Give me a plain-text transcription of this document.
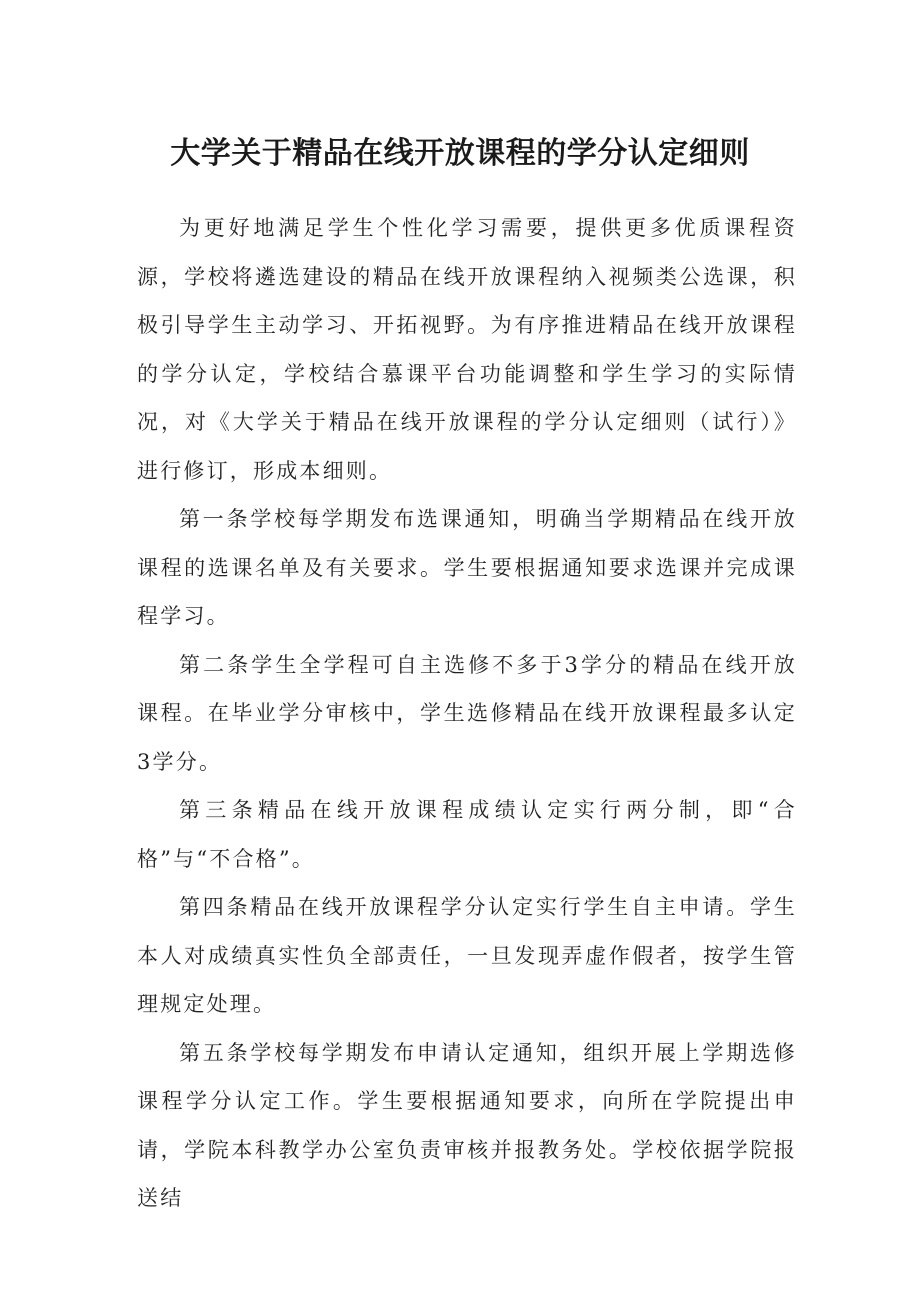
大学关于精品在线开放课程的学分认定细则

为更好地满足学生个性化学习需要，提供更多优质课程资源，学校将遴选建设的精品在线开放课程纳入视频类公选课，积极引导学生主动学习、开拓视野。为有序推进精品在线开放课程的学分认定，学校结合慕课平台功能调整和学生学习的实际情况，对《大学关于精品在线开放课程的学分认定细则（试行）》进行修订，形成本细则。

第一条学校每学期发布选课通知，明确当学期精品在线开放课程的选课名单及有关要求。学生要根据通知要求选课并完成课程学习。

第二条学生全学程可自主选修不多于3学分的精品在线开放课程。在毕业学分审核中，学生选修精品在线开放课程最多认定3学分。

第三条精品在线开放课程成绩认定实行两分制，即“合格”与“不合格”。

第四条精品在线开放课程学分认定实行学生自主申请。学生本人对成绩真实性负全部责任，一旦发现弄虚作假者，按学生管理规定处理。

第五条学校每学期发布申请认定通知，组织开展上学期选修课程学分认定工作。学生要根据通知要求，向所在学院提出申请，学院本科教学办公室负责审核并报教务处。学校依据学院报送结
